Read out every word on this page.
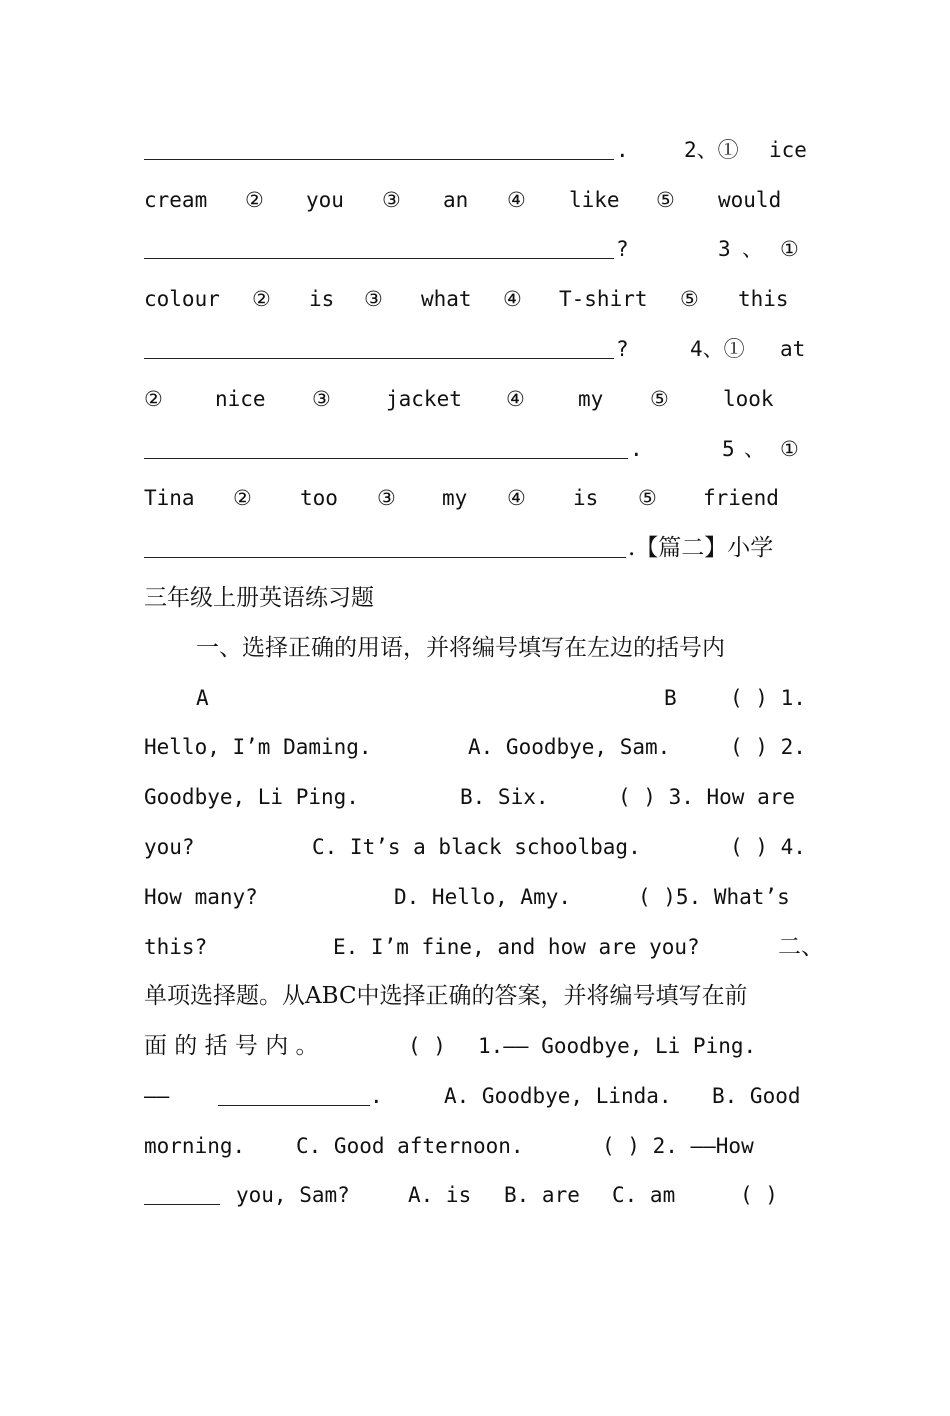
.

	2、①

ice

cream

②

you

③

an

④

like

⑤

would

?

	3

、

①

colour

②

is

③

what

④

T-shirt

⑤

this

?

	4、①

at

②

nice

③

	jacket

④

	my

⑤

	look

.

	5

、

①

Tina

②

too

③

my

④

is

⑤

friend

.【篇二】小学

三年级上册英语练习题

一、选择正确的用语，并将编号填写在左边的括号内

A

	B

	( ) 1.

Hello, I’m Daming.

	A. Goodbye, Sam.

	( ) 2.

Goodbye, Li Ping.

	B. Six.

	( ) 3. How are

you?

	C. It’s a black schoolbag.

	( ) 4.

How many?

	D. Hello, Amy.

	( )5. What’s

this?

	E. I’m fine, and how are you?

	二、

单项选择题。从ABC中选择正确的答案，并将编号填写在前

面 的 括 号 内 。

	( )

1.—— Goodbye, Li Ping.

——

	.

	A. Goodbye, Linda.

B. Good

morning.

C. Good afternoon.

	( ) 2. ——How

you, Sam?

	A. is

B. are

C. am

	( )
